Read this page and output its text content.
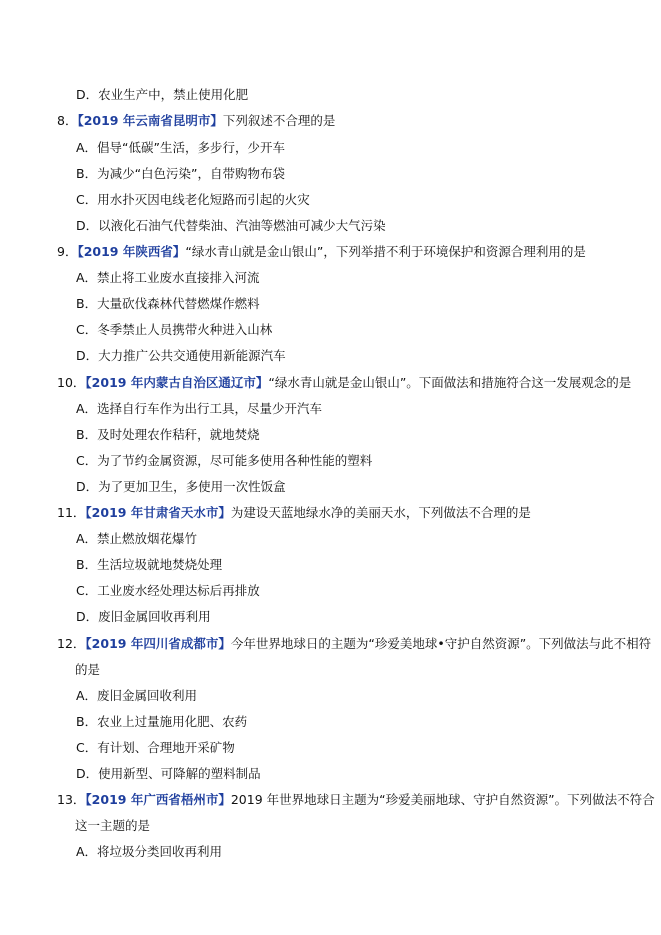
D．农业生产中，禁止使用化肥
8．【2019 年云南省昆明市】下列叙述不合理的是
A．倡导“低碳”生活，多步行，少开车
B．为减少“白色污染”，自带购物布袋
C．用水扑灭因电线老化短路而引起的火灾
D．以液化石油气代替柴油、汽油等燃油可减少大气污染
9．【2019 年陕西省】“绿水青山就是金山银山”，下列举措不利于环境保护和资源合理利用的是
A．禁止将工业废水直接排入河流
B．大量砍伐森林代替燃煤作燃料
C．冬季禁止人员携带火种进入山林
D．大力推广公共交通使用新能源汽车
10．【2019 年内蒙古自治区通辽市】“绿水青山就是金山银山”。下面做法和措施符合这一发展观念的是
A．选择自行车作为出行工具，尽量少开汽车
B．及时处理农作秸秆，就地焚烧
C．为了节约金属资源，尽可能多使用各种性能的塑料
D．为了更加卫生，多使用一次性饭盒
11．【2019 年甘肃省天水市】为建设天蓝地绿水净的美丽天水，下列做法不合理的是
A．禁止燃放烟花爆竹
B．生活垃圾就地焚烧处理
C．工业废水经处理达标后再排放
D．废旧金属回收再利用
12．【2019 年四川省成都市】今年世界地球日的主题为“珍爱美地球•守护自然资源”。下列做法与此不相符
的是
A．废旧金属回收利用
B．农业上过量施用化肥、农药
C．有计划、合理地开采矿物
D．使用新型、可降解的塑料制品
13．【2019 年广西省梧州市】2019 年世界地球日主题为“珍爱美丽地球、守护自然资源”。下列做法不符合
这一主题的是
A．将垃圾分类回收再利用
